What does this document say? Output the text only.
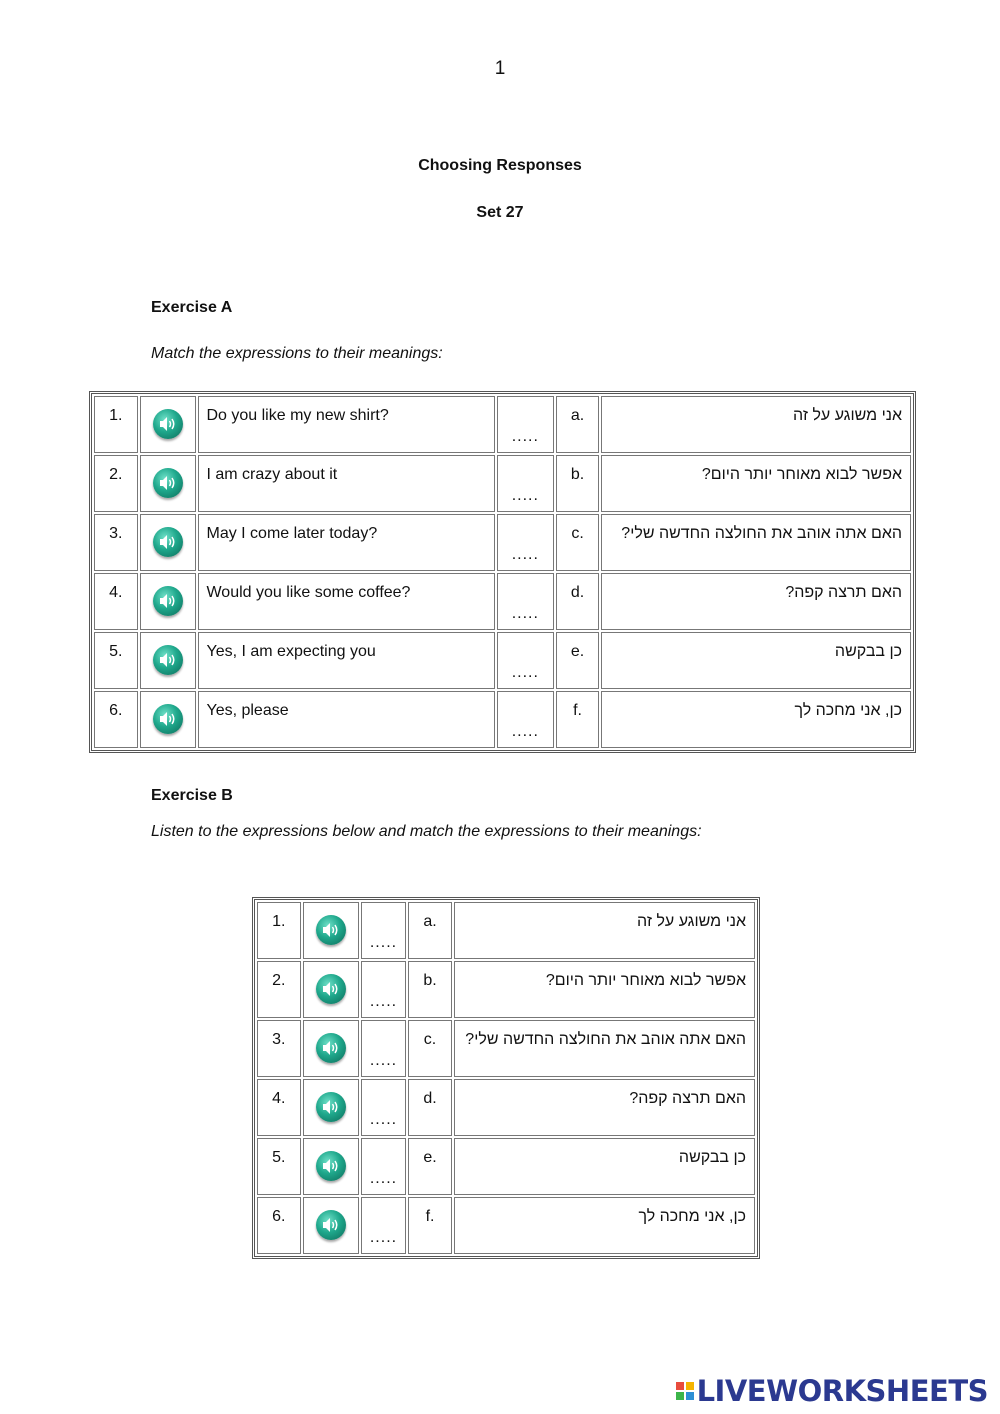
1
Choosing Responses
Set 27
Exercise A
Match the expressions to their meanings:
1.		Do you like my new shirt?	.....	a.	אני משוגע על זה
2.		I am crazy about it	.....	b.	אפשר לבוא מאוחר יותר היום?
3.		May I come later today?	.....	c.	האם אתה אוהב את החולצה החדשה שלי?
4.		Would you like some coffee?	.....	d.	האם תרצה קפה?
5.		Yes, I am expecting you	.....	e.	כן בבקשה
6.		Yes, please	.....	f.	כן, אני מחכה לך
Exercise B
Listen to the expressions below and match the expressions to their meanings:
1.		.....	a.	אני משוגע על זה
2.		.....	b.	אפשר לבוא מאוחר יותר היום?
3.		.....	c.	האם אתה אוהב את החולצה החדשה שלי?
4.		.....	d.	האם תרצה קפה?
5.		.....	e.	כן בבקשה
6.		.....	f.	כן, אני מחכה לך
LIVEWORKSHEETS
